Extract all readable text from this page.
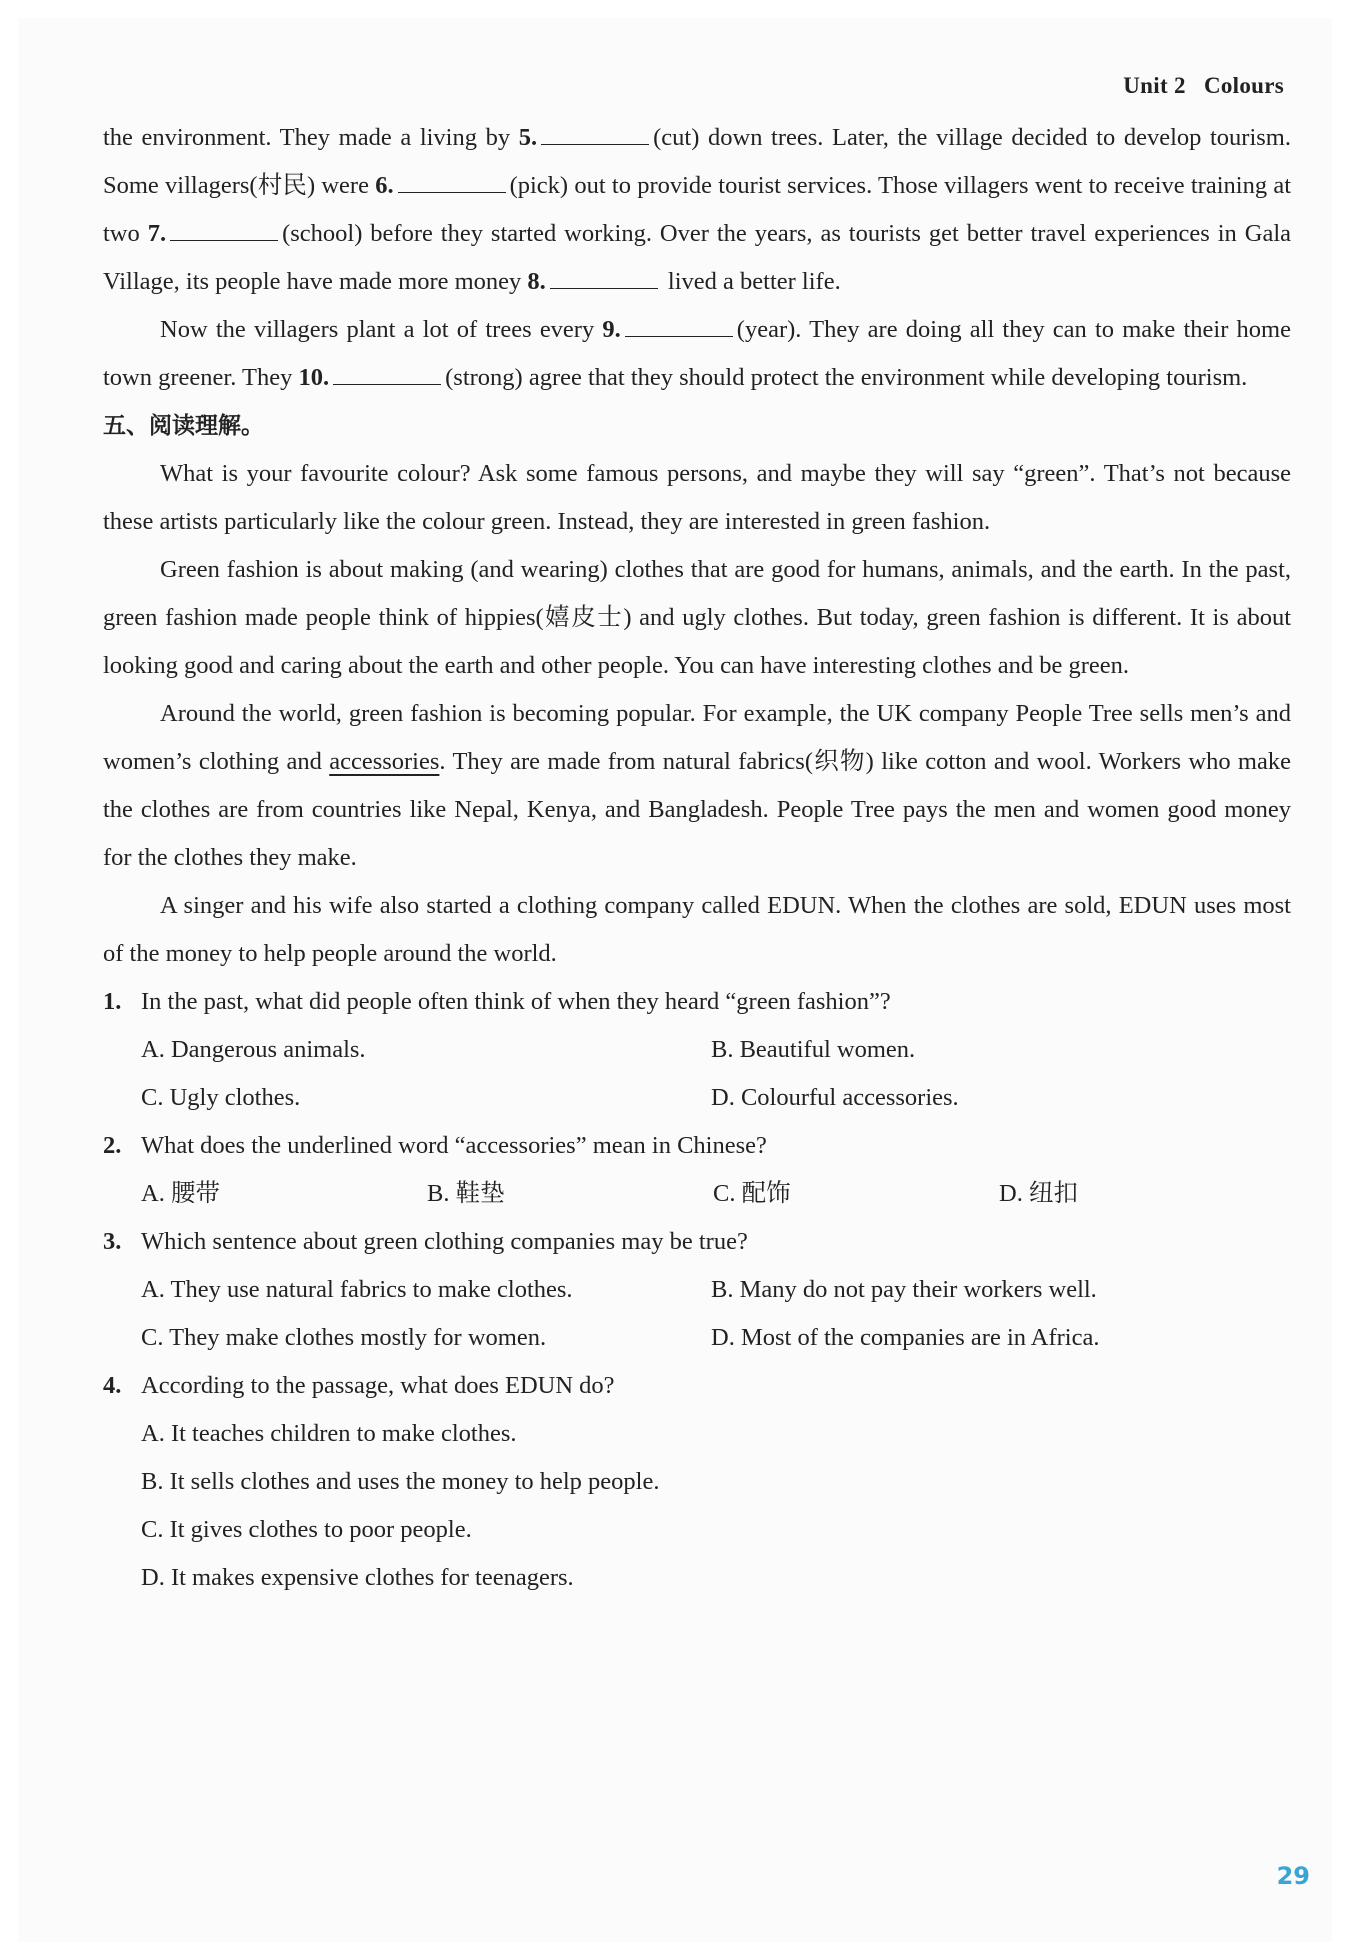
Unit 2 Colours

the environment. They made a living by 5.	(cut) down trees. Later, the village decided to develop tourism. Some villagers(村民) were 6.	(pick) out to provide tourist services. Those villagers went to receive training at two 7.	(school) before they started working. Over the years, as tourists get better travel experiences in Gala Village, its people have made more money 8.	lived a better life.

Now the villagers plant a lot of trees every 9.	(year). They are doing all they can to make their home town greener. They 10.	(strong) agree that they should protect the environment while developing tourism.

五、阅读理解。

What is your favourite colour? Ask some famous persons, and maybe they will say “green”. That’s not because these artists particularly like the colour green. Instead, they are interested in green fashion.

Green fashion is about making (and wearing) clothes that are good for humans, animals, and the earth. In the past, green fashion made people think of hippies(嬉皮士) and ugly clothes. But today, green fashion is different. It is about looking good and caring about the earth and other people. You can have interesting clothes and be green.

Around the world, green fashion is becoming popular. For example, the UK company People Tree sells men’s and women’s clothing and accessories. They are made from natural fabrics(织物) like cotton and wool. Workers who make the clothes are from countries like Nepal, Kenya, and Bangladesh. People Tree pays the men and women good money for the clothes they make.

A singer and his wife also started a clothing company called EDUN. When the clothes are sold, EDUN uses most of the money to help people around the world.

1. In the past, what did people often think of when they heard “green fashion”?
A. Dangerous animals.	B. Beautiful women.
C. Ugly clothes.	D. Colourful accessories.
2. What does the underlined word “accessories” mean in Chinese?
A. 腰带	B. 鞋垫	C. 配饰	D. 纽扣
3. Which sentence about green clothing companies may be true?
A. They use natural fabrics to make clothes.	B. Many do not pay their workers well.
C. They make clothes mostly for women.	D. Most of the companies are in Africa.
4. According to the passage, what does EDUN do?
A. It teaches children to make clothes.
B. It sells clothes and uses the money to help people.
C. It gives clothes to poor people.
D. It makes expensive clothes for teenagers.
29
